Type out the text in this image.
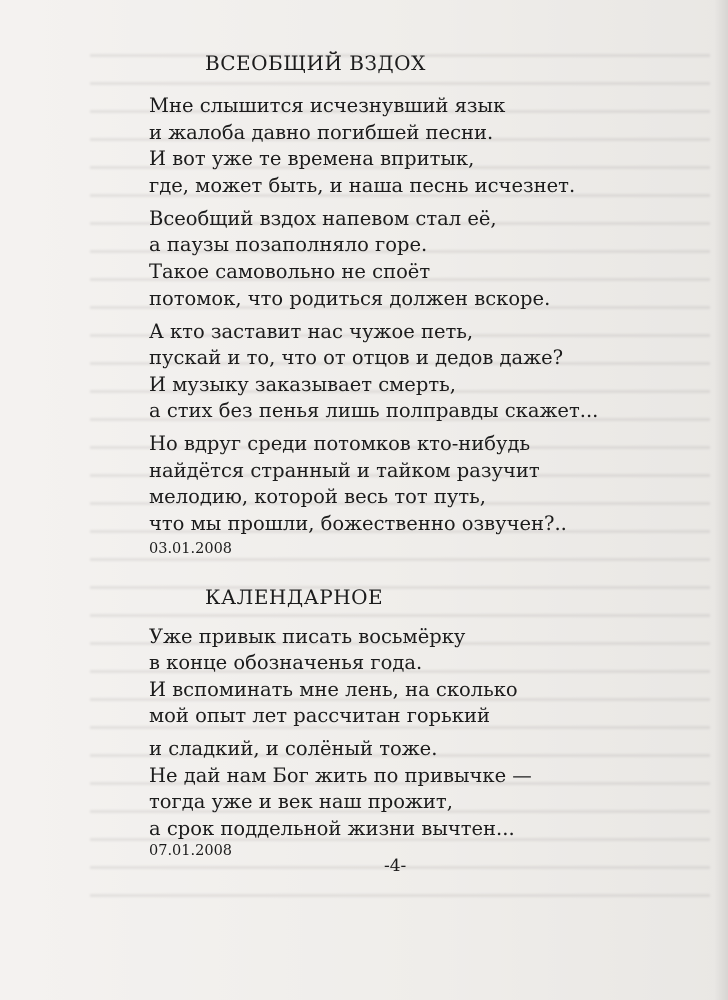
ВСЕОБЩИЙ ВЗДОХ
Мне слышится исчезнувший язык
и жалоба давно погибшей песни.
И вот уже те времена впритык,
где, может быть, и наша песнь исчезнет.
Всеобщий вздох напевом стал её,
а паузы позаполняло горе.
Такое самовольно не споёт
потомок, что родиться должен вскоре.
А кто заставит нас чужое петь,
пускай и то, что от отцов и дедов даже?
И музыку заказывает смерть,
а стих без пенья лишь полправды скажет...
Но вдруг среди потомков кто-нибудь
найдётся странный и тайком разучит
мелодию, которой весь тот путь,
что мы прошли, божественно озвучен?..
03.01.2008
КАЛЕНДАРНОЕ
Уже привык писать восьмёрку
в конце обозначенья года.
И вспоминать мне лень, на сколько
мой опыт лет рассчитан горький
и сладкий, и солёный тоже.
Не дай нам Бог жить по привычке —
тогда уже и век наш прожит,
а срок поддельной жизни вычтен...
07.01.2008
-4-
